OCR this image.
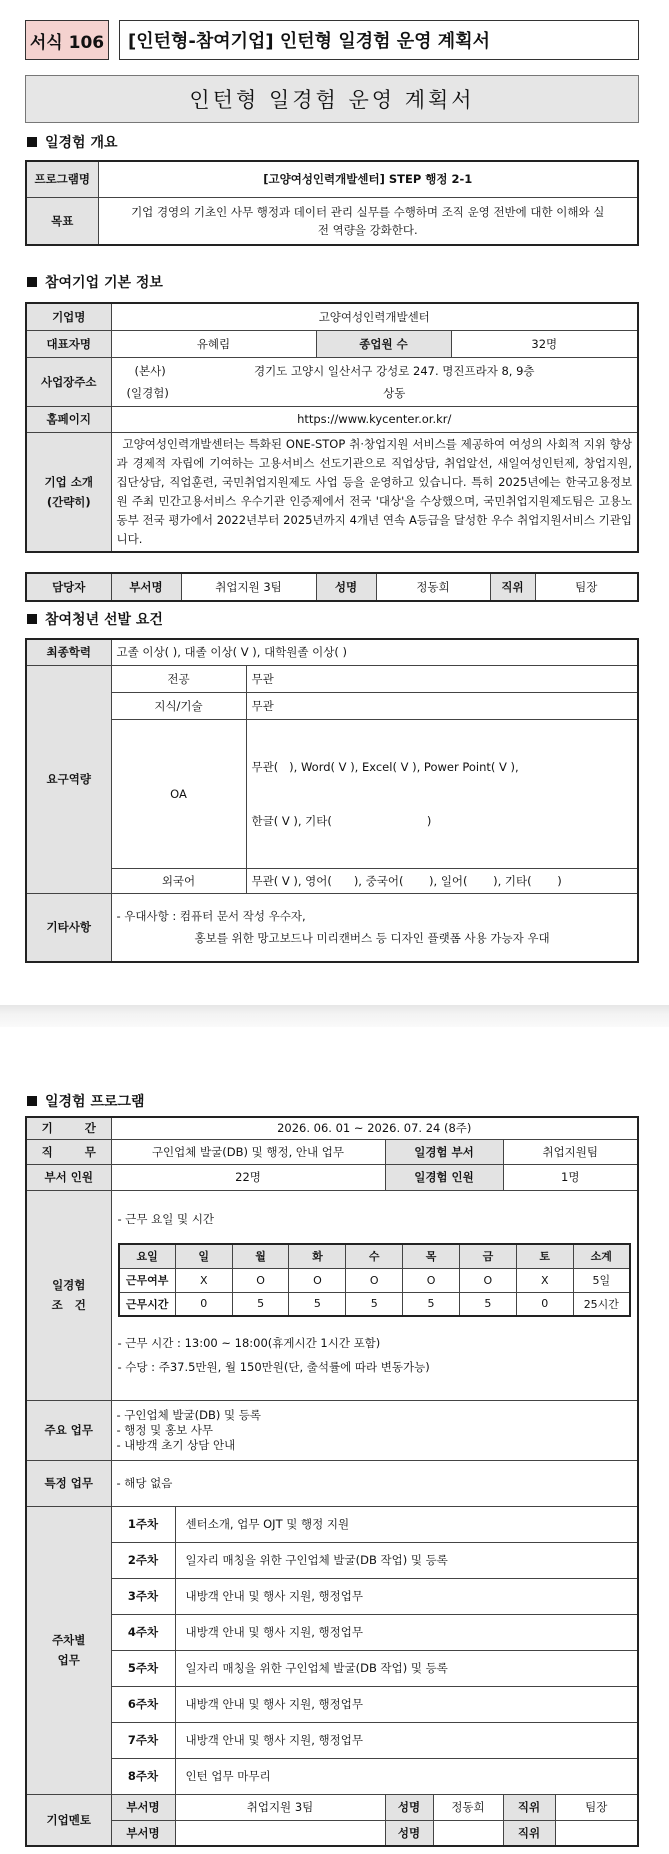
서식 106	[인턴형-참여기업] 인턴형 일경험 운영 계획서
인턴형 일경험 운영 계획서
일경험 개요
프로그램명	[고양여성인력개발센터] STEP 행정 2-1
목표	기업 경영의 기초인 사무 행정과 데이터 관리 실무를 수행하며 조직 운영 전반에 대한 이해와 실전 역량을 강화한다.
참여기업 기본 정보
기업명	고양여성인력개발센터		
대표자명	유혜림	종업원 수	32명
사업장주소	(본사) 경기도 고양시 일산서구 강성로 247. 명진프라자 8, 9층
(일경험) 상동		

홈페이지	https://www.kycenter.or.kr/		

기업 소개
(간략히)	고양여성인력개발센터는 특화된 ONE-STOP 취·창업지원 서비스를 제공하여 여성의 사회적 지위 향상과 경제적 자립에 기여하는 고용서비스 선도기관으로 직업상담, 취업알선, 새일여성인턴제, 창업지원, 집단상담, 직업훈련, 국민취업지원제도 사업 등을 운영하고 있습니다. 특히 2025년에는 한국고용정보원 주최 민간고용서비스 우수기관 인증제에서 전국 '대상'을 수상했으며, 국민취업지원제도팀은 고용노동부 전국 평가에서 2022년부터 2025년까지 4개년 연속 A등급을 달성한 우수 취업지원서비스 기관입니다.		
담당자	부서명	취업지원 3팀	성명	정동희	직위	팀장
참여청년 선발 요건
최종학력	고졸 이상( ), 대졸 이상( V ), 대학원졸 이상( )	
요구역량	전공	무관
	지식/기술	무관
	OA	무관(   ), Word( V ), Excel( V ), Power Point( V ),

한글( V ), 기타(                          )

	외국어	무관( V ), 영어(      ), 중국어(       ), 일어(       ), 기타(       )
기타사항	- 우대사항 : 컴퓨터 문서 작성 우수자,
홍보를 위한 망고보드나 미리캔버스 등 디자인 플랫폼 사용 가능자 우대	
일경험 프로그램
기        간	2026. 06. 01 ~ 2026. 07. 24 (8주)
직        무	구인업체 발굴(DB) 및 행정, 안내 업무	일경험 부서	취업지원팀
부서 인원	22명	일경험 인원	1명

일경험
조   건

- 근무 요일 및 시간
요일	일	월	화	수	목	금	토	소계
근무여부	X	O	O	O	O	O	X	5일
근무시간	0	5	5	5	5	5	0	25시간
- 근무 시간 : 13:00 ~ 18:00(휴게시간 1시간 포함)
- 수당 : 주37.5만원, 월 150만원(단, 출석률에 따라 변동가능)

주요 업무	
- 구인업체 발굴(DB) 및 등록
- 행정 및 홍보 사무
- 내방객 초기 상담 안내

특정 업무	- 해당 없음

주차별
업무
	1주차	센터소개, 업무 OJT 및 행정 지원
2주차	일자리 매칭을 위한 구인업체 발굴(DB 작업) 및 등록
3주차	내방객 안내 및 행사 지원, 행정업무
4주차	내방객 안내 및 행사 지원, 행정업무
5주차	일자리 매칭을 위한 구인업체 발굴(DB 작업) 및 등록
6주차	내방객 안내 및 행사 지원, 행정업무
7주차	내방객 안내 및 행사 지원, 행정업무
8주차	인턴 업무 마무리
기업멘토	부서명	취업지원 3팀	성명	정동희	직위	팀장
부서명		성명		직위	
